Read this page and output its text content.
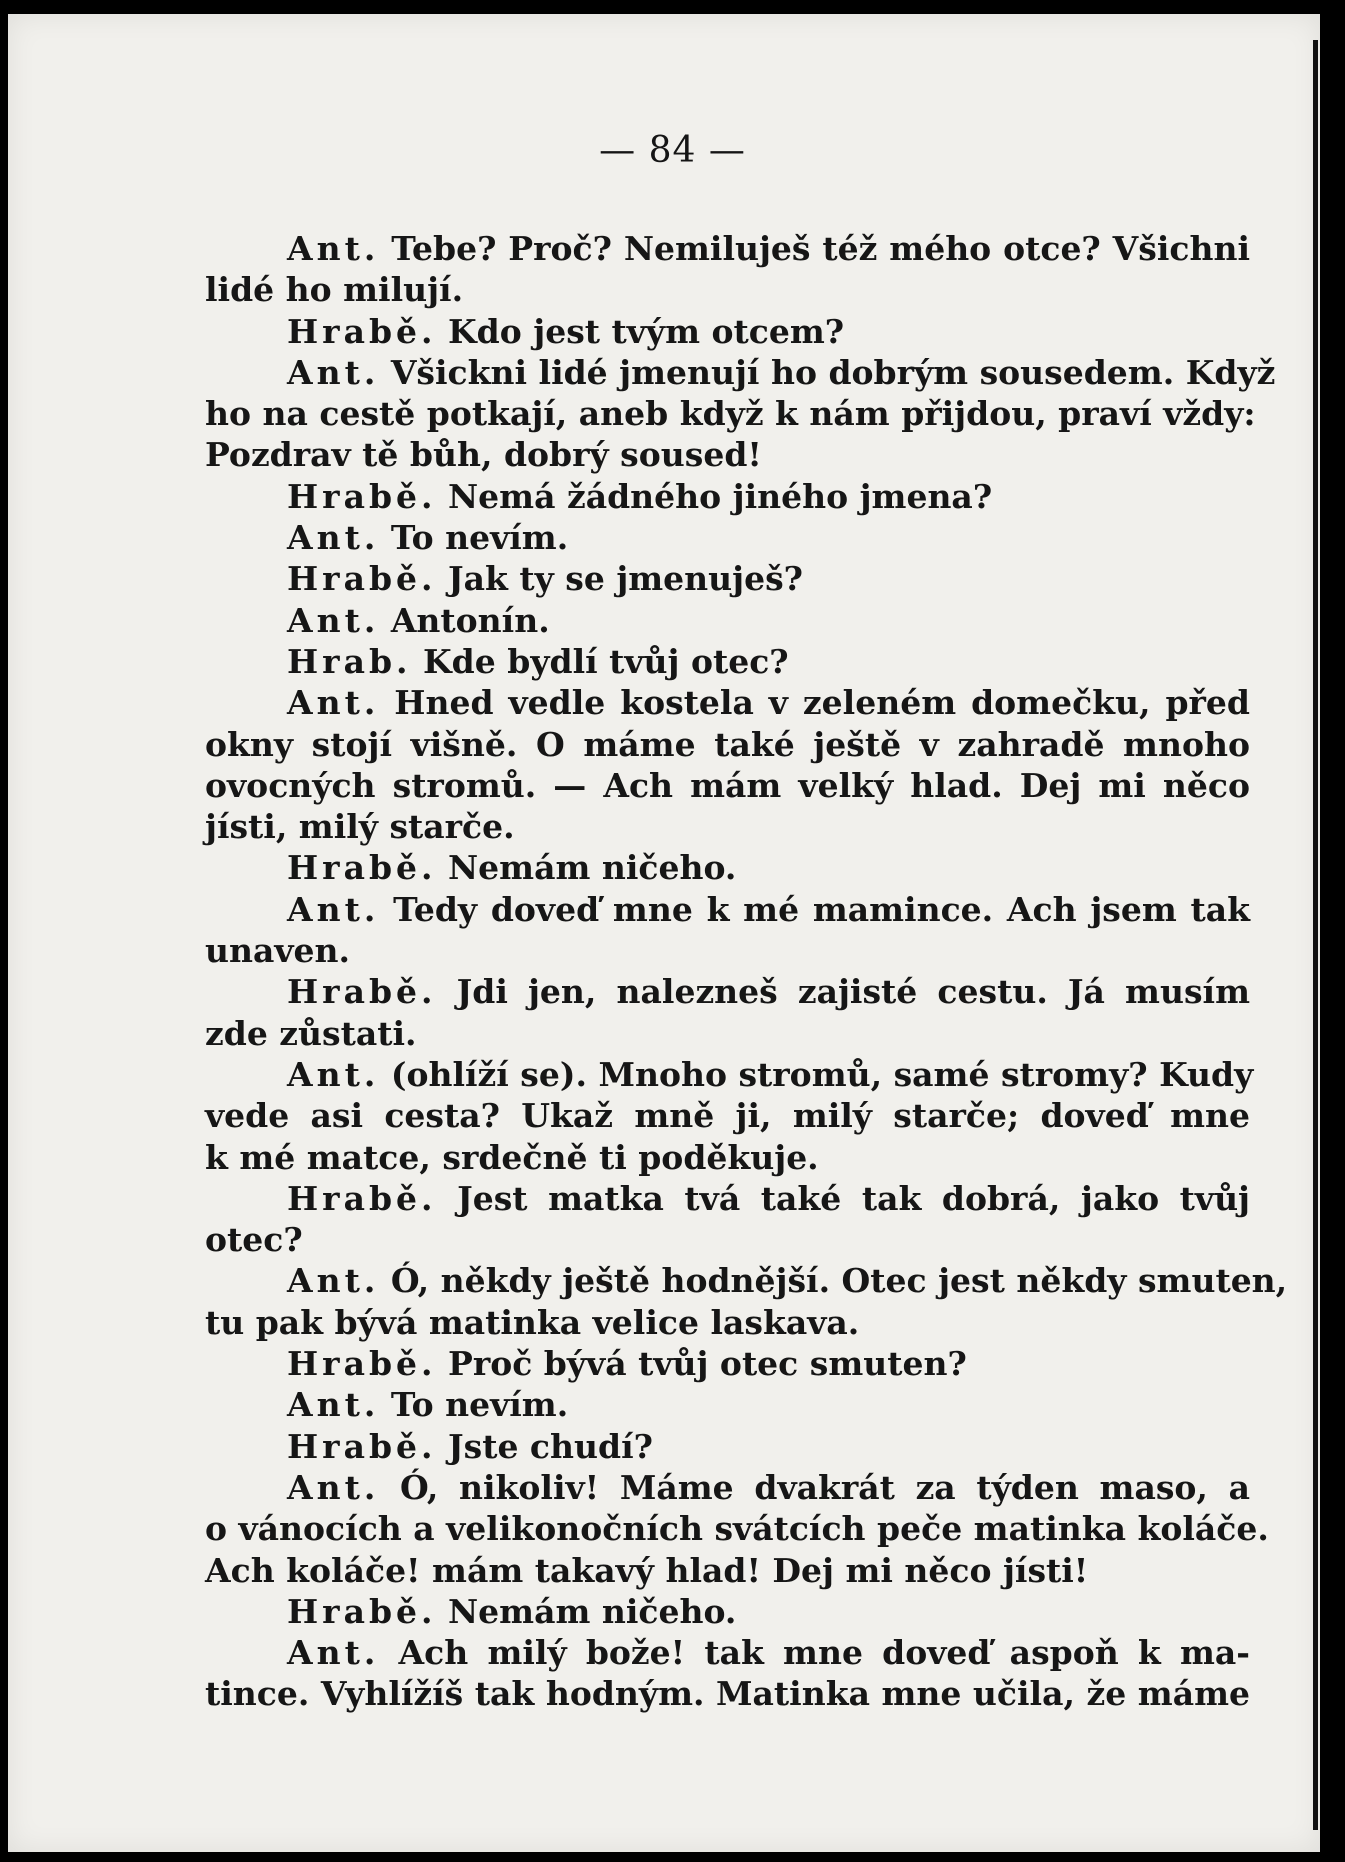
— 84 —
Ant. Tebe? Proč? Nemiluješ též mého otce? Všichni
lidé ho milují.
Hrabě. Kdo jest tvým otcem?
Ant. Všickni lidé jmenují ho dobrým sousedem. Když
ho na cestě potkají, aneb když k nám přijdou, praví vždy:
Pozdrav tě bůh, dobrý soused!
Hrabě. Nemá žádného jiného jmena?
Ant. To nevím.
Hrabě. Jak ty se jmenuješ?
Ant. Antonín.
Hrab. Kde bydlí tvůj otec?
Ant. Hned vedle kostela v zeleném domečku, před
okny stojí višně. O máme také ještě v zahradě mnoho
ovocných stromů. — Ach mám velký hlad. Dej mi něco
jísti, milý starče.
Hrabě. Nemám ničeho.
Ant. Tedy doveď mne k mé mamince. Ach jsem tak
unaven.
Hrabě. Jdi jen, nalezneš zajisté cestu. Já musím
zde zůstati.
Ant. (ohlíží se). Mnoho stromů, samé stromy? Kudy
vede asi cesta? Ukaž mně ji, milý starče; doveď mne
k mé matce, srdečně ti poděkuje.
Hrabě. Jest matka tvá také tak dobrá, jako tvůj
otec?
Ant. Ó, někdy ještě hodnější. Otec jest někdy smuten,
tu pak bývá matinka velice laskava.
Hrabě. Proč bývá tvůj otec smuten?
Ant. To nevím.
Hrabě. Jste chudí?
Ant. Ó, nikoliv! Máme dvakrát za týden maso, a
o vánocích a velikonočních svátcích peče matinka koláče.
Ach koláče! mám takavý hlad! Dej mi něco jísti!
Hrabě. Nemám ničeho.
Ant. Ach milý bože! tak mne doveď aspoň k ma-
tince. Vyhlížíš tak hodným. Matinka mne učila, že máme
